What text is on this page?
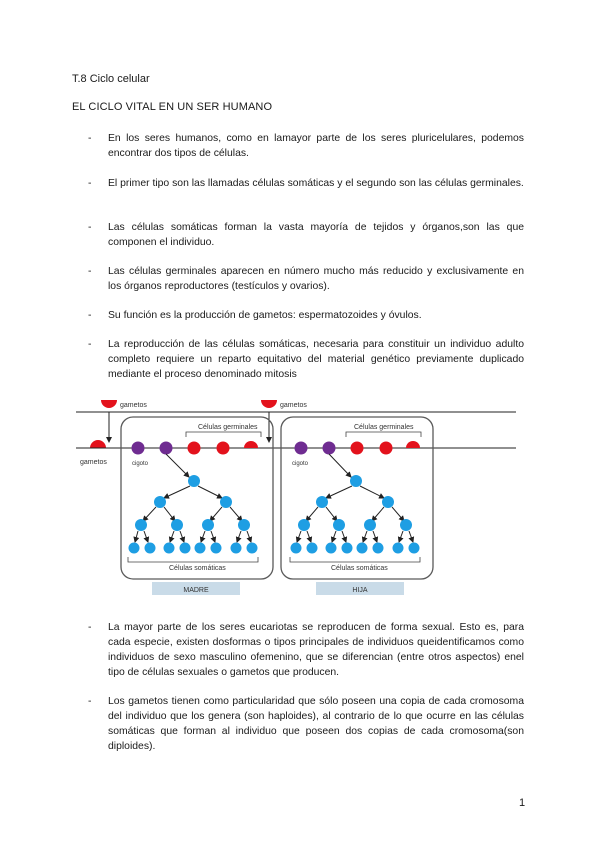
T.8 Ciclo celular
EL CICLO VITAL EN UN SER HUMANO
- En los seres humanos, como en lamayor parte de los seres pluricelulares, podemos encontrar dos tipos de células.
- El primer tipo son las llamadas células somáticas y el segundo son las células germinales.
- Las células somáticas forman la vasta mayoría de tejidos y órganos,son las que componen el individuo.
- Las células germinales aparecen en número mucho más reducido y exclusivamente en los órganos reproductores (testículos y ovarios).
- Su función es la producción de gametos: espermatozoides y óvulos.
- La reproducción de las células somáticas, necesaria para constituir un individuo adulto completo requiere un reparto equitativo del material genético previamente duplicado mediante el proceso denominado mitosis
gametos	gametos
gametos
Células germinales	Células germinales
cigoto	cigoto
Células somáticas	Células somáticas
MADRE	HIJA
- La mayor parte de los seres eucariotas se reproducen de forma sexual. Esto es, para cada especie, existen dosformas o tipos principales de individuos queidentificamos como individuos de sexo masculino ofemenino, que se diferencian (entre otros aspectos) enel tipo de células sexuales o gametos que producen.
- Los gametos tienen como particularidad que sólo poseen una copia de cada cromosoma del individuo que los genera (son haploides), al contrario de lo que ocurre en las células somáticas que forman al individuo que poseen dos copias de cada cromosoma(son diploides).
1
